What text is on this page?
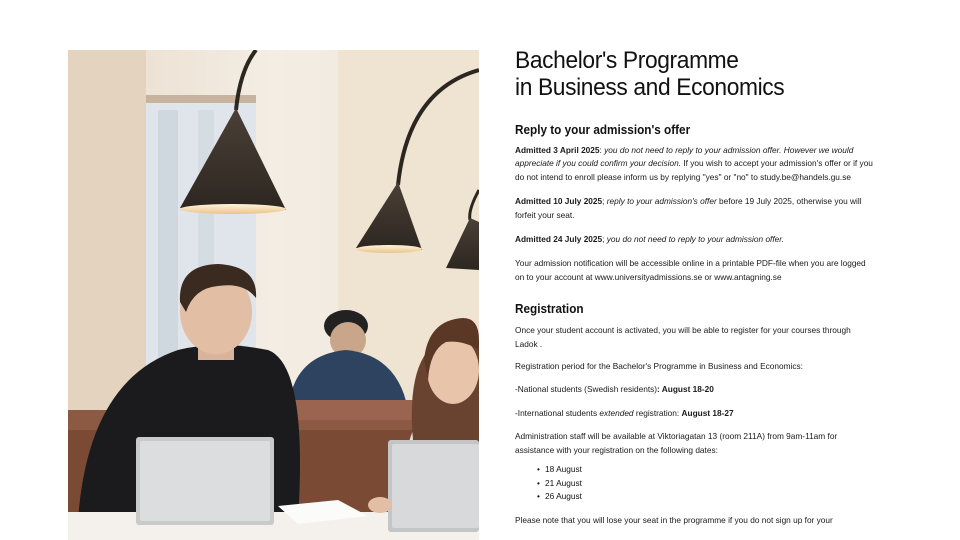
Bachelor's Programme
in Business and Economics
Reply to your admission's offer

Admitted 3 April 2025: you do not need to reply to your admission offer. However we would appreciate if you could confirm your decision. If you wish to accept your admission's offer or if you do not intend to enroll please inform us by replying "yes" or "no" to study.be@handels.gu.se

Admitted 10 July 2025; reply to your admission's offer before 19 July 2025, otherwise you will forfeit your seat.

Admitted 24 July 2025; you do not need to reply to your admission offer.

Your admission notification will be accessible online in a printable PDF-file when you are logged on to your account at www.universityadmissions.se or www.antagning.se

Registration

Once your student account is activated, you will be able to register for your courses through Ladok .

Registration period for the Bachelor's Programme in Business and Economics:

-National students (Swedish residents): August 18-20

-International students extended registration: August 18-27

Administration staff will be available at Viktoriagatan 13 (room 211A) from 9am-11am for assistance with your registration on the following dates:

• 18 August
• 21 August
• 26 August

Please note that you will lose your seat in the programme if you do not sign up for your
